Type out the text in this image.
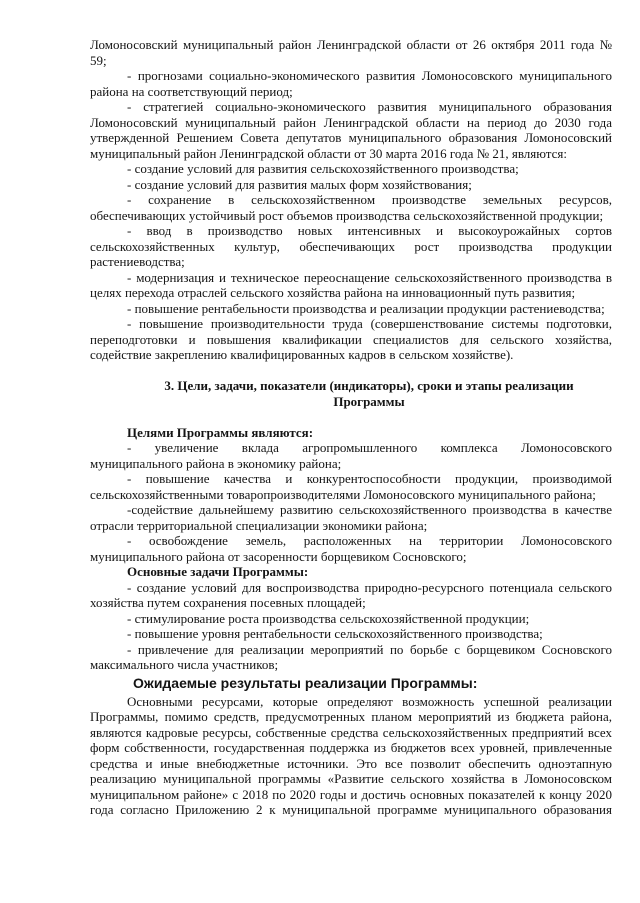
Ломоносовский муниципальный район Ленинградской области от 26 октября 2011 года №
59;
- прогнозами социально-экономического развития Ломоносовского муниципального
района на соответствующий период;
- стратегией социально-экономического развития муниципального образования
Ломоносовский муниципальный район Ленинградской области на период до 2030 года
утвержденной Решением Совета депутатов муниципального образования Ломоносовский
муниципальный район Ленинградской области от 30 марта 2016 года № 21, являются:
- создание условий для развития сельскохозяйственного производства;
- создание условий для развития малых форм хозяйствования;
- сохранение в сельскохозяйственном производстве земельных ресурсов,
обеспечивающих устойчивый рост объемов производства сельскохозяйственной продукции;
- ввод в производство новых интенсивных и высокоурожайных сортов
сельскохозяйственных культур, обеспечивающих рост производства продукции
растениеводства;
- модернизация и техническое переоснащение сельскохозяйственного производства в
целях перехода отраслей сельского хозяйства района на инновационный путь развития;
- повышение рентабельности производства и реализации продукции растениеводства;
- повышение производительности труда (совершенствование системы подготовки,
переподготовки и повышения квалификации специалистов для сельского хозяйства,
содействие закреплению квалифицированных кадров в сельском хозяйстве).
3. Цели, задачи, показатели (индикаторы), сроки и этапы реализации
Программы
Целями Программы являются:
- увеличение вклада агропромышленного комплекса Ломоносовского
муниципального района в экономику района;
- повышение качества и конкурентоспособности продукции, производимой
сельскохозяйственными товаропроизводителями Ломоносовского муниципального района;
-содействие дальнейшему развитию сельскохозяйственного производства в качестве
отрасли территориальной специализации экономики района;
- освобождение земель, расположенных на территории Ломоносовского
муниципального района от засоренности борщевиком Сосновского;
Основные задачи Программы:
- создание условий для воспроизводства природно-ресурсного потенциала сельского
хозяйства путем сохранения посевных площадей;
- стимулирование роста производства сельскохозяйственной продукции;
- повышение уровня рентабельности сельскохозяйственного производства;
- привлечение для реализации мероприятий по борьбе с борщевиком Сосновского
максимального числа участников;
Ожидаемые результаты реализации Программы:
Основными ресурсами, которые определяют возможность успешной реализации
Программы, помимо средств, предусмотренных планом мероприятий из бюджета района,
являются кадровые ресурсы, собственные средства сельскохозяйственных предприятий всех
форм собственности, государственная поддержка из бюджетов всех уровней, привлеченные
средства и иные внебюджетные источники. Это все позволит обеспечить одноэтапную
реализацию муниципальной программы «Развитие сельского хозяйства в Ломоносовском
муниципальном районе» с 2018 по 2020 годы и достичь основных показателей к концу 2020
года согласно Приложению 2 к муниципальной программе муниципального образования
